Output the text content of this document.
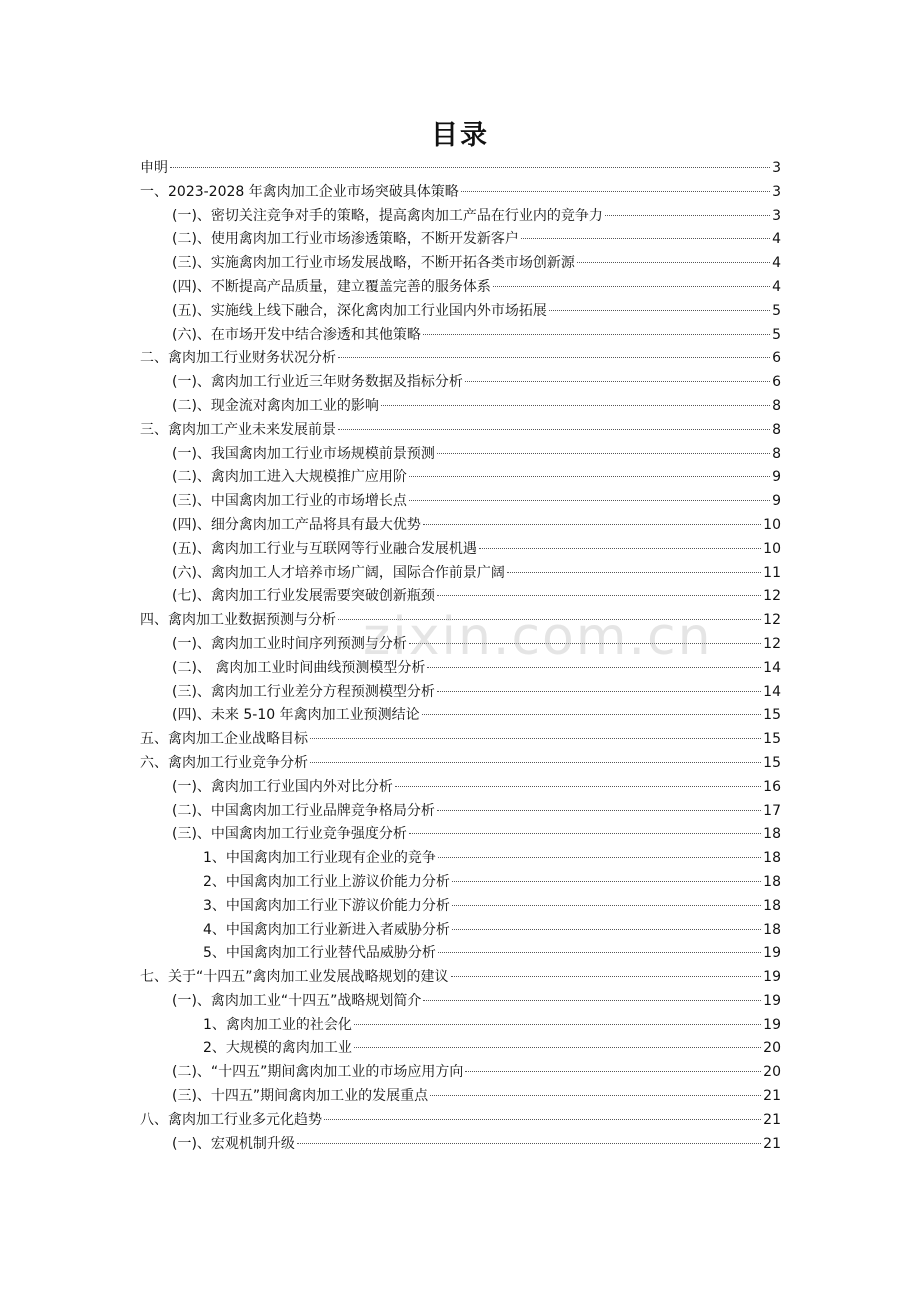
目录
申明	3
一、2023-2028 年禽肉加工企业市场突破具体策略	3
(一)、密切关注竞争对手的策略，提高禽肉加工产品在行业内的竞争力	3
(二)、使用禽肉加工行业市场渗透策略，不断开发新客户	4
(三)、实施禽肉加工行业市场发展战略，不断开拓各类市场创新源	4
(四)、不断提高产品质量，建立覆盖完善的服务体系	4
(五)、实施线上线下融合，深化禽肉加工行业国内外市场拓展	5
(六)、在市场开发中结合渗透和其他策略	5
二、禽肉加工行业财务状况分析	6
(一)、禽肉加工行业近三年财务数据及指标分析	6
(二)、现金流对禽肉加工业的影响	8
三、禽肉加工产业未来发展前景	8
(一)、我国禽肉加工行业市场规模前景预测	8
(二)、禽肉加工进入大规模推广应用阶	9
(三)、中国禽肉加工行业的市场增长点	9
(四)、细分禽肉加工产品将具有最大优势	10
(五)、禽肉加工行业与互联网等行业融合发展机遇	10
(六)、禽肉加工人才培养市场广阔，国际合作前景广阔	11
(七)、禽肉加工行业发展需要突破创新瓶颈	12
四、禽肉加工业数据预测与分析	12
(一)、禽肉加工业时间序列预测与分析	12
(二)、 禽肉加工业时间曲线预测模型分析	14
(三)、禽肉加工行业差分方程预测模型分析	14
(四)、未来 5-10 年禽肉加工业预测结论	15
五、禽肉加工企业战略目标	15
六、禽肉加工行业竞争分析	15
(一)、禽肉加工行业国内外对比分析	16
(二)、中国禽肉加工行业品牌竞争格局分析	17
(三)、中国禽肉加工行业竞争强度分析	18
1、中国禽肉加工行业现有企业的竞争	18
2、中国禽肉加工行业上游议价能力分析	18
3、中国禽肉加工行业下游议价能力分析	18
4、中国禽肉加工行业新进入者威胁分析	18
5、中国禽肉加工行业替代品威胁分析	19
七、关于“十四五”禽肉加工业发展战略规划的建议	19
(一)、禽肉加工业“十四五”战略规划简介	19
1、禽肉加工业的社会化	19
2、大规模的禽肉加工业	20
(二)、“十四五”期间禽肉加工业的市场应用方向	20
(三)、十四五”期间禽肉加工业的发展重点	21
八、禽肉加工行业多元化趋势	21
(一)、宏观机制升级	21
zixin.com.cn
